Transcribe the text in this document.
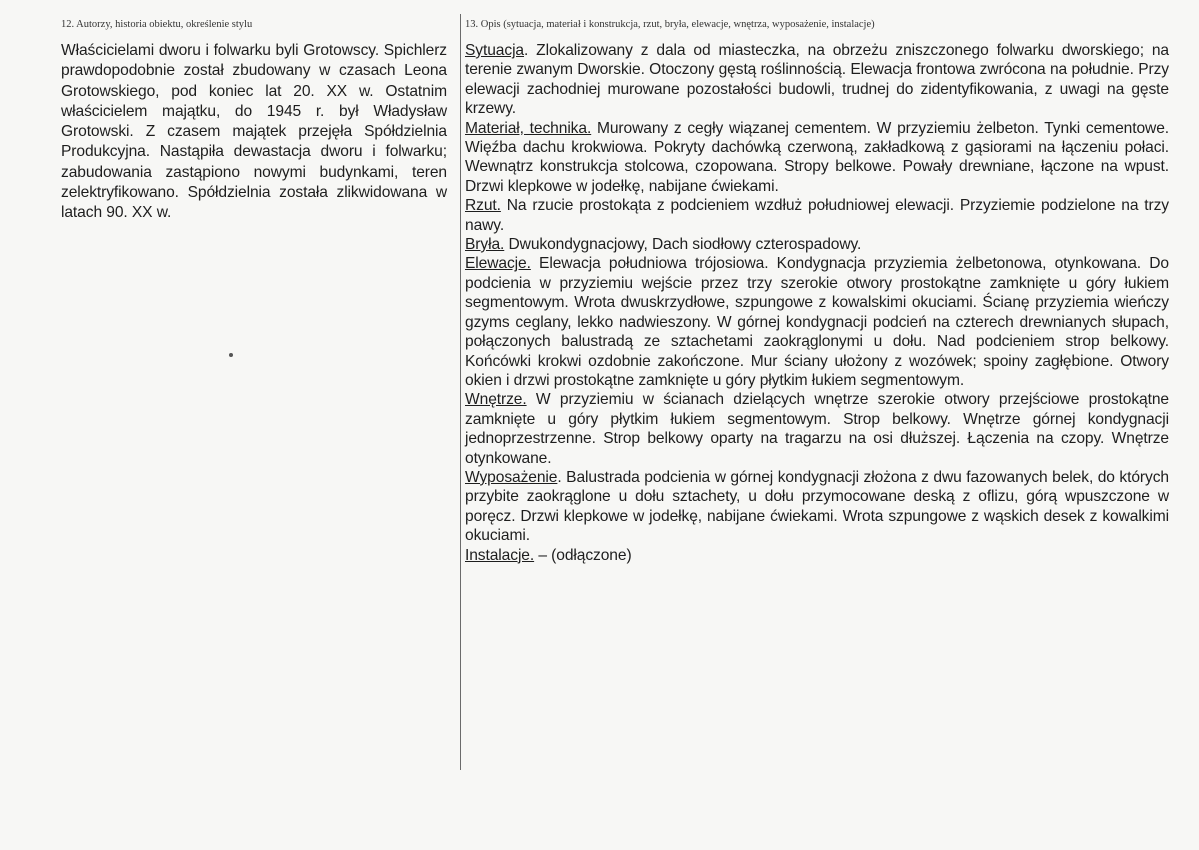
12. Autorzy, historia obiektu, określenie stylu

Właścicielami dworu i folwarku byli Grotowscy. Spichlerz prawdopodobnie został zbudowany w czasach Leona Grotowskiego, pod koniec lat 20. XX w. Ostatnim właścicielem majątku, do 1945 r. był Władysław Grotowski. Z czasem majątek przejęła Spółdzielnia Produkcyjna. Nastąpiła dewastacja dworu i folwarku; zabudowania zastąpiono nowymi budynkami, teren zelektryfikowano. Spółdzielnia została zlikwidowana w latach 90. XX w.

13. Opis (sytuacja, materiał i konstrukcja, rzut, bryła, elewacje, wnętrza, wyposażenie, instalacje)

Sytuacja. Zlokalizowany z dala od miasteczka, na obrzeżu zniszczonego folwarku dworskiego; na terenie zwanym Dworskie. Otoczony gęstą roślinnością. Elewacja frontowa zwrócona na południe. Przy elewacji zachodniej murowane pozostałości budowli, trudnej do zidentyfikowania, z uwagi na gęste krzewy.

Materiał, technika. Murowany z cegły wiązanej cementem. W przyziemiu żelbeton. Tynki cementowe. Więźba dachu krokwiowa. Pokryty dachówką czerwoną, zakładkową z gąsiorami na łączeniu połaci. Wewnątrz konstrukcja stolcowa, czopowana. Stropy belkowe. Powały drewniane, łączone na wpust. Drzwi klepkowe w jodełkę, nabijane ćwiekami.

Rzut. Na rzucie prostokąta z podcieniem wzdłuż południowej elewacji. Przyziemie podzielone na trzy nawy.

Bryła. Dwukondygnacjowy, Dach siodłowy czterospadowy.

Elewacje. Elewacja południowa trójosiowa. Kondygnacja przyziemia żelbetonowa, otynkowana. Do podcienia w przyziemiu wejście przez trzy szerokie otwory prostokątne zamknięte u góry łukiem segmentowym. Wrota dwuskrzydłowe, szpungowe z kowalskimi okuciami. Ścianę przyziemia wieńczy gzyms ceglany, lekko nadwieszony. W górnej kondygnacji podcień na czterech drewnianych słupach, połączonych balustradą ze sztachetami zaokrąglonymi u dołu. Nad podcieniem strop belkowy. Końcówki krokwi ozdobnie zakończone. Mur ściany ułożony z wozówek; spoiny zagłębione. Otwory okien i drzwi prostokątne zamknięte u góry płytkim łukiem segmentowym.

Wnętrze. W przyziemiu w ścianach dzielących wnętrze szerokie otwory przejściowe prostokątne zamknięte u góry płytkim łukiem segmentowym. Strop belkowy. Wnętrze górnej kondygnacji jednoprzestrzenne. Strop belkowy oparty na tragarzu na osi dłuższej. Łączenia na czopy. Wnętrze otynkowane.

Wyposażenie. Balustrada podcienia w górnej kondygnacji złożona z dwu fazowanych belek, do których przybite zaokrąglone u dołu sztachety, u dołu przymocowane deską z oflizu, górą wpuszczone w poręcz. Drzwi klepkowe w jodełkę, nabijane ćwiekami. Wrota szpungowe z wąskich desek z kowalkimi okuciami.

Instalacje. – (odłączone)
